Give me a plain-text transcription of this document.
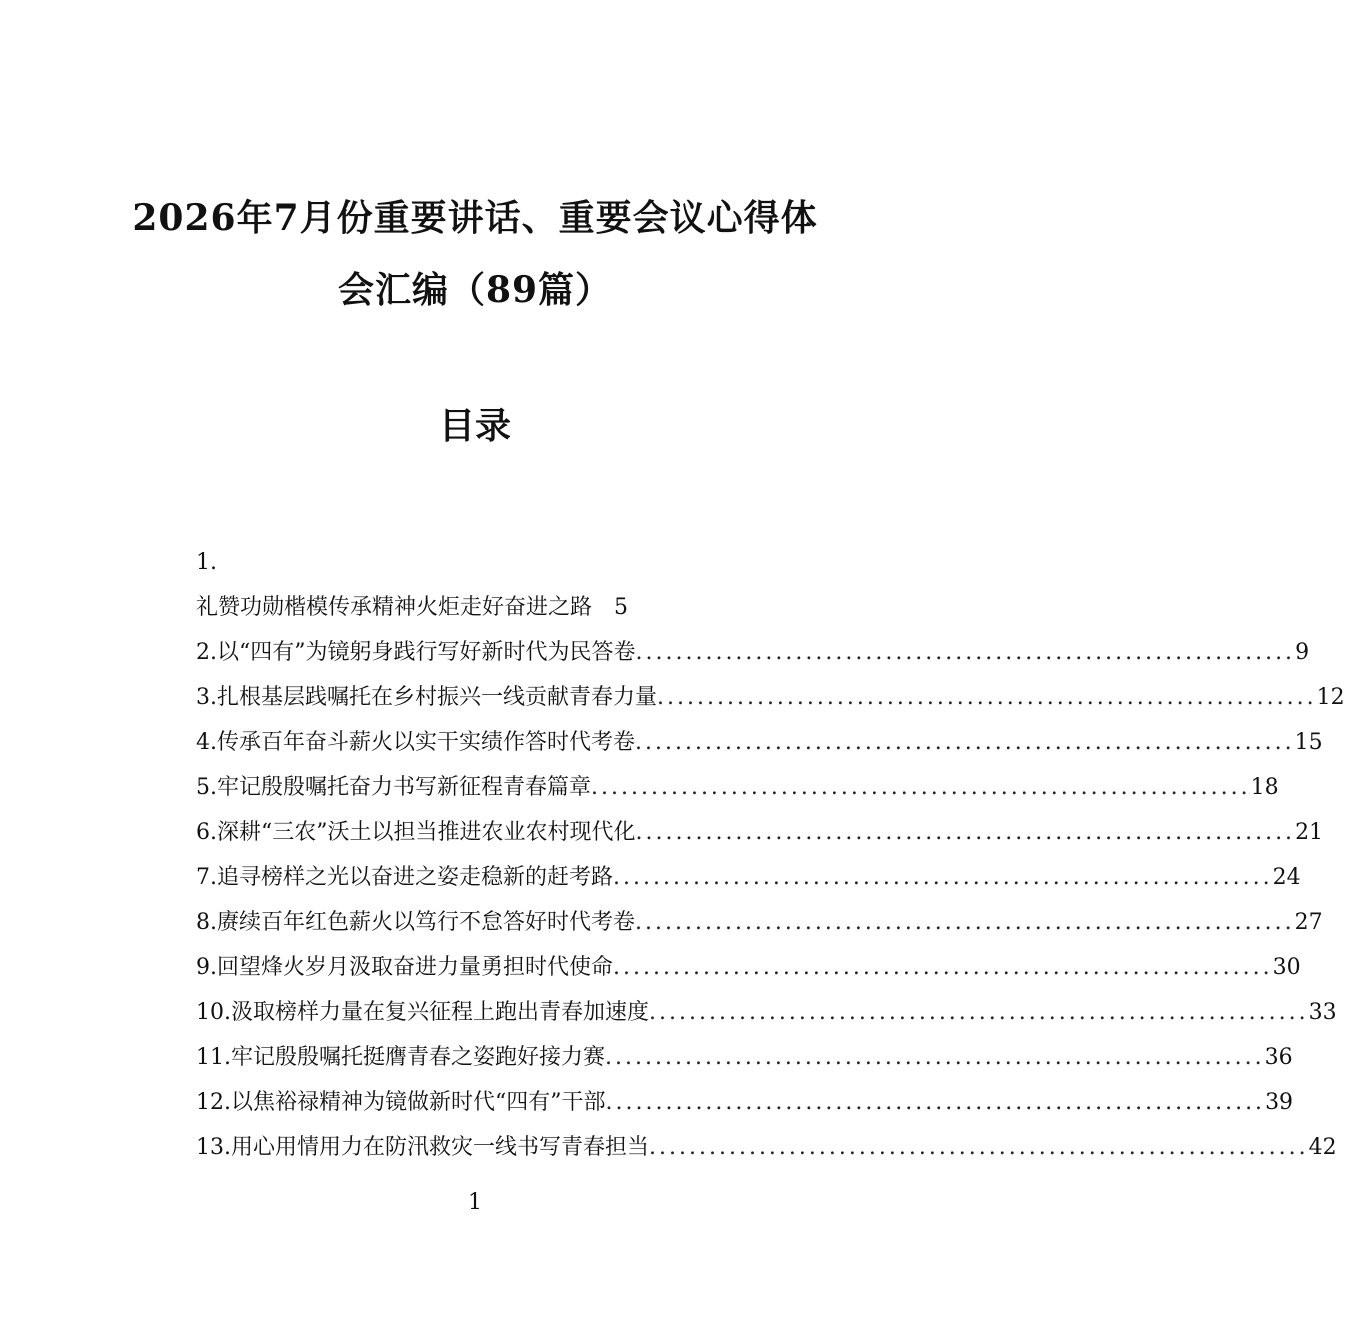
2026年7月份重要讲话、重要会议心得体
会汇编（89篇）
目录
1.
礼赞功勋楷模传承精神火炬走好奋进之路 5
2. 以“四有”为镜躬身践行写好新时代为民答卷 .....	9
3. 扎根基层践嘱托在乡村振兴一线贡献青春力量 .....	12
4. 传承百年奋斗薪火以实干实绩作答时代考卷 .....	15
5. 牢记殷殷嘱托奋力书写新征程青春篇章 .....	18
6. 深耕“三农”沃土以担当推进农业农村现代化 .....	21
7. 追寻榜样之光以奋进之姿走稳新的赶考路 .....	24
8. 赓续百年红色薪火以笃行不怠答好时代考卷 .....	27
9. 回望烽火岁月汲取奋进力量勇担时代使命 .....	30
10. 汲取榜样力量在复兴征程上跑出青春加速度 .....	33
11. 牢记殷殷嘱托挺膺青春之姿跑好接力赛 .....	36
12. 以焦裕禄精神为镜做新时代“四有”干部 .....	39
13. 用心用情用力在防汛救灾一线书写青春担当 .....	42
1
